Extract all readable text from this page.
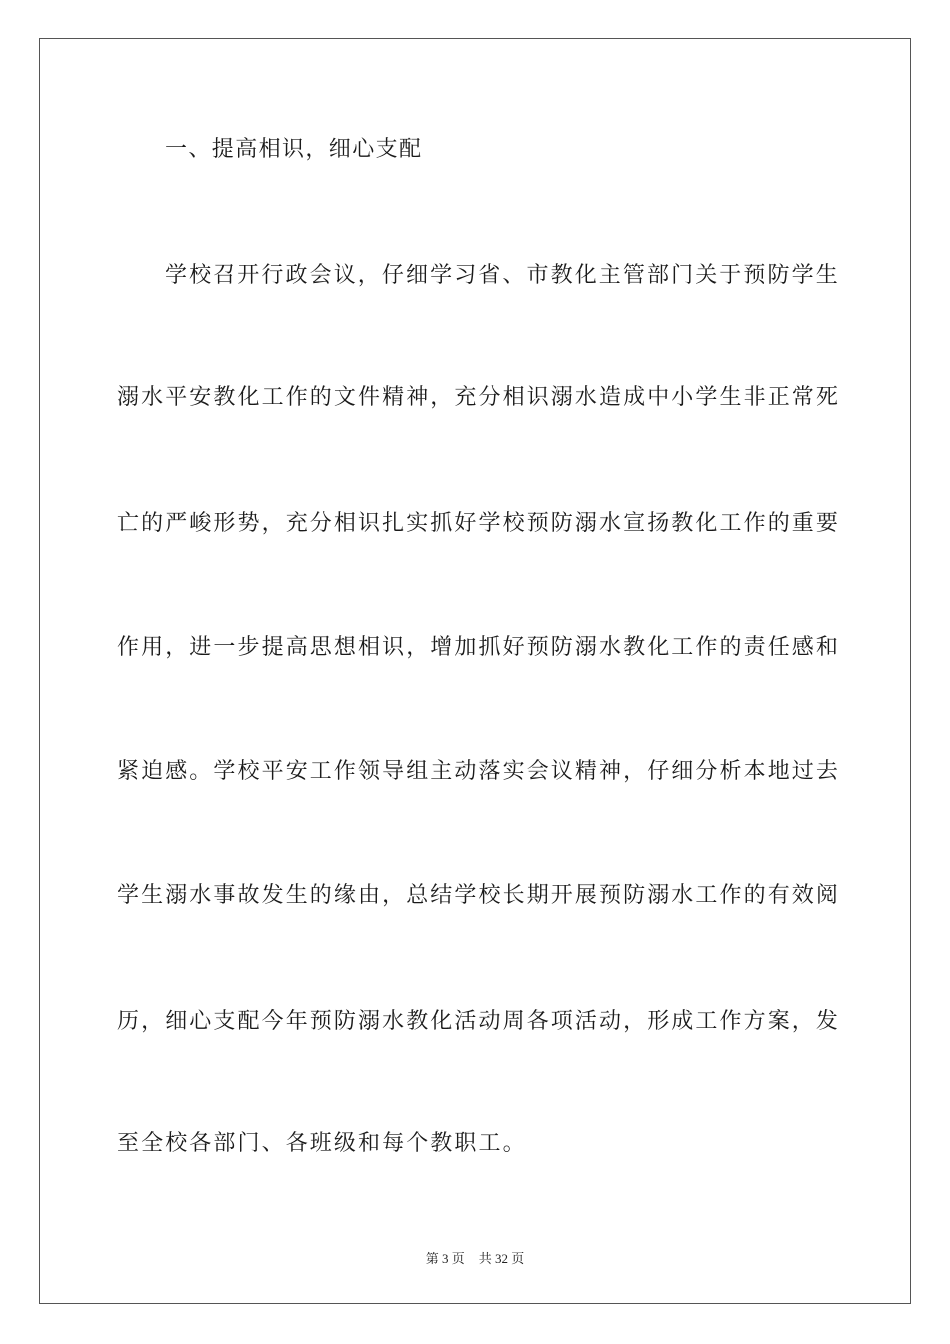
一、提高相识，细心支配
学校召开行政会议，仔细学习省、市教化主管部门关于预防学生
溺水平安教化工作的文件精神，充分相识溺水造成中小学生非正常死
亡的严峻形势，充分相识扎实抓好学校预防溺水宣扬教化工作的重要
作用，进一步提高思想相识，增加抓好预防溺水教化工作的责任感和
紧迫感。学校平安工作领导组主动落实会议精神，仔细分析本地过去
学生溺水事故发生的缘由，总结学校长期开展预防溺水工作的有效阅
历，细心支配今年预防溺水教化活动周各项活动，形成工作方案，发
至全校各部门、各班级和每个教职工。
第 3 页 共 32 页
